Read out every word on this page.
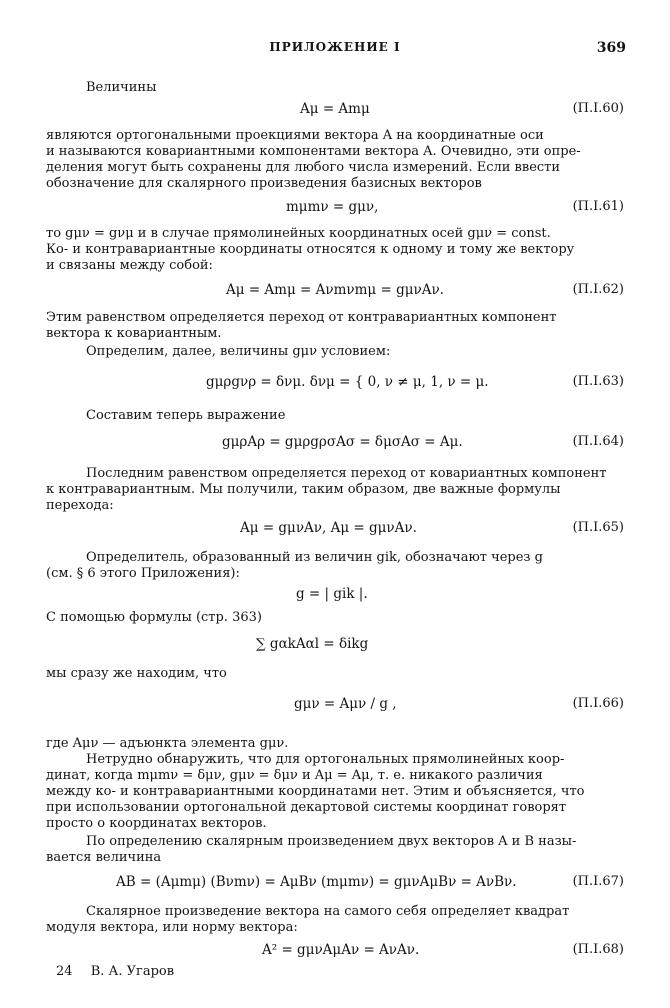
ПРИЛОЖЕНИЕ I	369
Величины
Aμ = Amμ	(П.I.60)
являются ортогональными проекциями вектора A на координатные оси
и называются ковариантными компонентами вектора A. Очевидно, эти опре-
деления могут быть сохранены для любого числа измерений. Если ввести
обозначение для скалярного произведения базисных векторов
mμmν = gμν,	(П.I.61)
то gμν = gνμ и в случае прямолинейных координатных осей gμν = const.
Ко- и контравариантные координаты относятся к одному и тому же вектору
и связаны между собой:
Aμ = Amμ = Aνmνmμ = gμνAν.	(П.I.62)
Этим равенством определяется переход от контравариантных компонент
вектора к ковариантным.
Определим, далее, величины gμν условием:
gμρgνρ = δνμ. δνμ = { 0, ν ≠ μ, 1, ν = μ.	(П.I.63)
Составим теперь выражение
gμρAρ = gμρgρσAσ = δμσAσ = Aμ.	(П.I.64)
Последним равенством определяется переход от ковариантных компонент
к контравариантным. Мы получили, таким образом, две важные формулы
перехода:
Aμ = gμνAν, Aμ = gμνAν.	(П.I.65)
Определитель, образованный из величин gik, обозначают через g
(см. § 6 этого Приложения):
g = | gik |.
С помощью формулы (стр. 363)
∑ gαkAαl = δikg
мы сразу же находим, что
gμν = Aμν / g ,	(П.I.66)
где Aμν — адъюнкта элемента gμν.
Нетрудно обнаружить, что для ортогональных прямолинейных коор-
динат, когда mμmν = δμν, gμν = δμν и Aμ = Aμ, т. е. никакого различия
между ко- и контравариантными координатами нет. Этим и объясняется, что
при использовании ортогональной декартовой системы координат говорят
просто о координатах векторов.
По определению скалярным произведением двух векторов A и B назы-
вается величина
AB = (Aμmμ) (Bνmν) = AμBν (mμmν) = gμνAμBν = AνBν.	(П.I.67)
Скалярное произведение вектора на самого себя определяет квадрат
модуля вектора, или норму вектора:
A² = gμνAμAν = AνAν.	(П.I.68)
24 В. А. Угаров
